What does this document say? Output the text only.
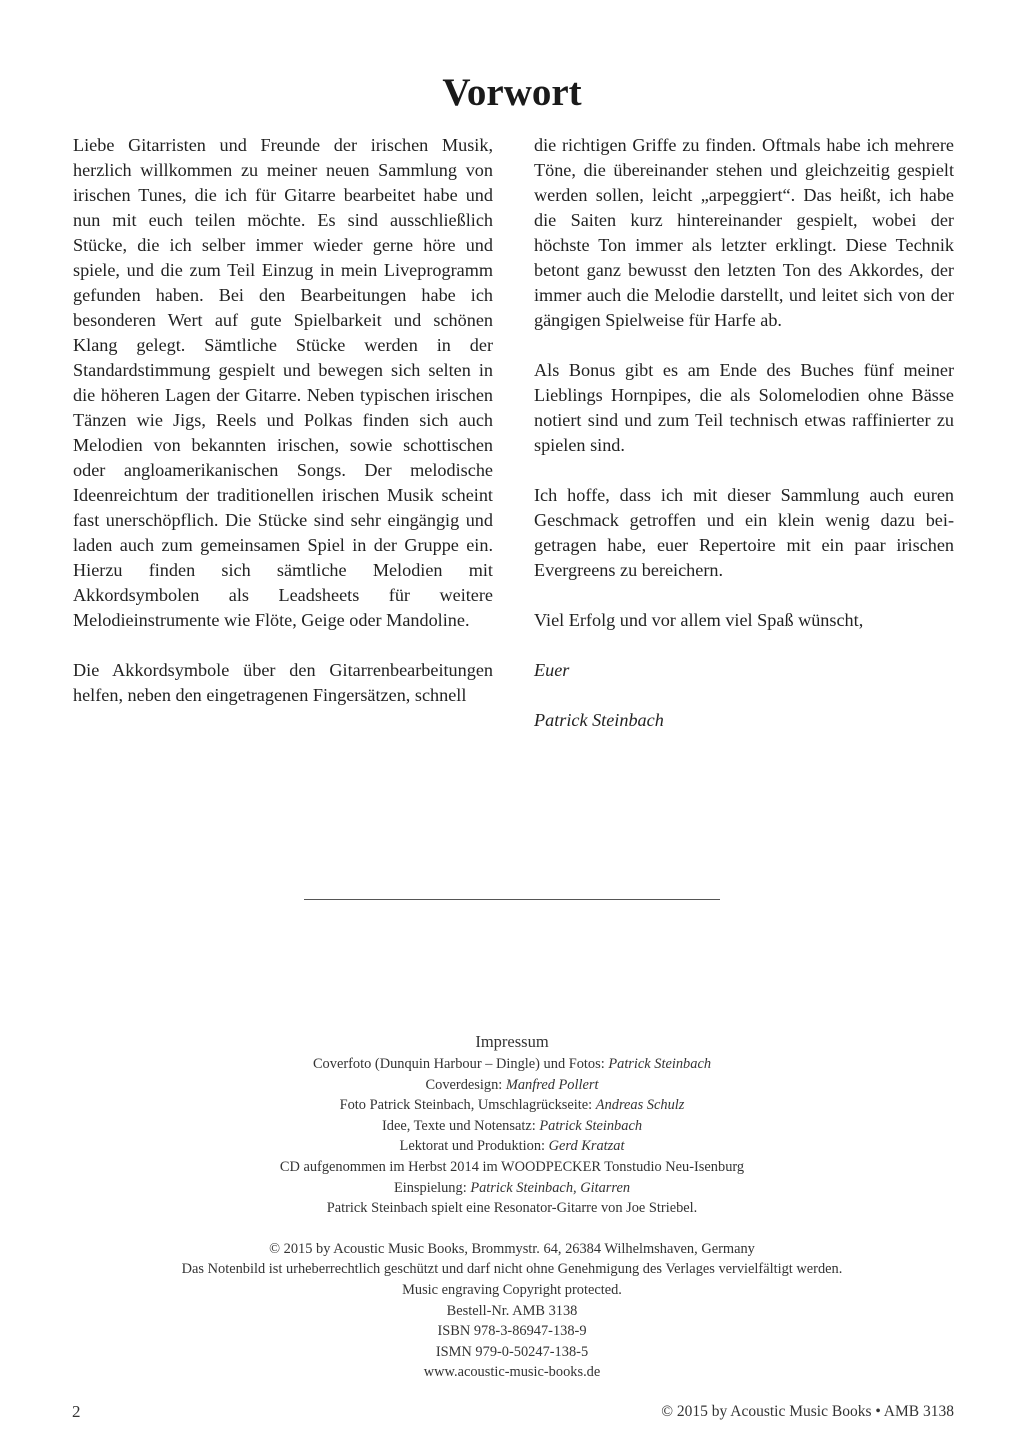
Vorwort

Liebe Gitarristen und Freunde der irischen Musik, herzlich willkommen zu meiner neuen Sammlung von irischen Tunes, die ich für Gitarre bearbeitet habe und nun mit euch teilen möchte. Es sind ausschließlich Stücke, die ich selber immer wieder gerne höre und spiele, und die zum Teil Einzug in mein Liveprogramm gefunden haben. Bei den Bearbeitungen habe ich besonderen Wert auf gute Spielbarkeit und schönen Klang gelegt. Sämtliche Stücke werden in der Standardstimmung gespielt und bewegen sich selten in die höheren Lagen der Gitarre. Neben typischen irischen Tänzen wie Jigs, Reels und Polkas finden sich auch Melodien von bekannten irischen, sowie schottischen oder angloamerikanischen Songs. Der melodische Ideenreichtum der traditionellen irischen Musik scheint fast unerschöpflich. Die Stücke sind sehr eingängig und laden auch zum gemeinsamen Spiel in der Gruppe ein. Hierzu finden sich sämtliche Melodien mit Akkordsymbolen als Leadsheets für weitere Melodieinstrumente wie Flöte, Geige oder Mandoline.

Die Akkordsymbole über den Gitarrenbearbeitungen helfen, neben den eingetragenen Fingersätzen, schnell

die richtigen Griffe zu finden. Oftmals habe ich mehrere Töne, die übereinander stehen und gleichzeitig gespielt werden sollen, leicht „arpeggiert“. Das heißt, ich habe die Saiten kurz hintereinander gespielt, wobei der höchste Ton immer als letzter erklingt. Diese Technik betont ganz bewusst den letzten Ton des Akkordes, der immer auch die Melodie darstellt, und leitet sich von der gängigen Spielweise für Harfe ab.

Als Bonus gibt es am Ende des Buches fünf meiner Lieblings Hornpipes, die als Solomelodien ohne Bässe notiert sind und zum Teil technisch etwas raffinierter zu spielen sind.

Ich hoffe, dass ich mit dieser Sammlung auch euren Geschmack getroffen und ein klein wenig dazu beigetragen habe, euer Repertoire mit ein paar irischen Evergreens zu bereichern.

Viel Erfolg und vor allem viel Spaß wünscht,

Euer

Patrick Steinbach

Impressum
Coverfoto (Dunquin Harbour – Dingle) und Fotos: Patrick Steinbach
Coverdesign: Manfred Pollert
Foto Patrick Steinbach, Umschlagrückseite: Andreas Schulz
Idee, Texte und Notensatz: Patrick Steinbach
Lektorat und Produktion: Gerd Kratzat
CD aufgenommen im Herbst 2014 im WOODPECKER Tonstudio Neu-Isenburg
Einspielung: Patrick Steinbach, Gitarren
Patrick Steinbach spielt eine Resonator-Gitarre von Joe Striebel.
© 2015 by Acoustic Music Books, Brommystr. 64, 26384 Wilhelmshaven, Germany
Das Notenbild ist urheberrechtlich geschützt und darf nicht ohne Genehmigung des Verlages vervielfältigt werden.
Music engraving Copyright protected.
Bestell-Nr. AMB 3138
ISBN 978-3-86947-138-9
ISMN 979-0-50247-138-5
www.acoustic-music-books.de
2	© 2015 by Acoustic Music Books • AMB 3138
